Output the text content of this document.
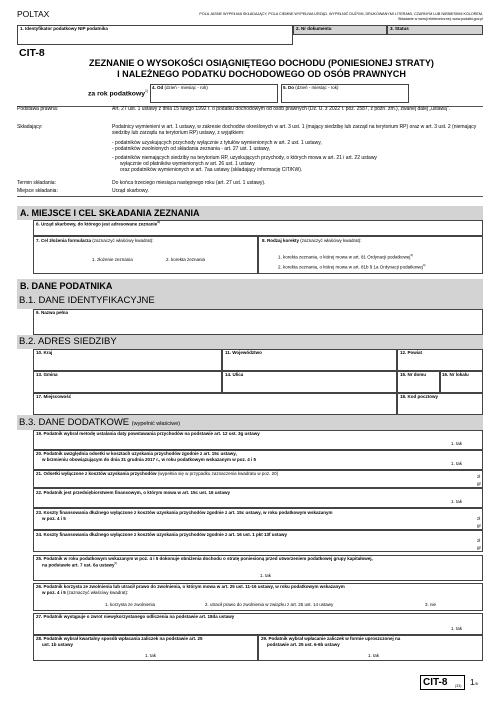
POLTAX	POLA JASNE WYPEŁNIA SKŁADAJĄCY, POLA CIEMNE WYPEŁNIA URZĄD. WYPEŁNIĆ DUŻYMI, DRUKOWANYMI LITERAMI, CZARNYM LUB NIEBIESKIM KOLOREM.
Składanie w wersji elektronicznej: www.podatki.gov.pl
1. Identyfikator podatkowy NIP podatnika	2. Nr dokumentu	3. Status
CIT-8
ZEZNANIE O WYSOKOŚCI OSIĄGNIĘTEGO DOCHODU (PONIESIONEJ STRATY)
I NALEŻNEGO PODATKU DOCHODOWEGO OD OSÓB PRAWNYCH
za rok podatkowy$^{1)}$
4. Od (dzień - miesiąc - rok)	5. Do (dzień - miesiąc - rok)
Podstawa prawna:	Art. 27 ust. 1 ustawy z dnia 15 lutego 1992 r. o podatku dochodowym od osób prawnych (Dz. U. z 2022 r. poz. 2587, z późn. zm.), zwanej dalej „ustawą”.
Składający:	Podatnicy wymienieni w art. 1 ustawy, w zakresie dochodów określonych w art. 3 ust. 1 (mający siedzibę lub zarząd na terytorium RP) oraz w art. 3 ust. 2 (niemający siedziby lub zarządu na terytorium RP) ustawy, z wyjątkiem:
- podatników uzyskujących przychody wyłącznie z tytułów wymienionych w art. 2 ust. 1 ustawy,
- podatników zwolnionych od składania zeznania - art. 27 ust. 1 ustawy,
- podatników niemających siedziby na terytorium RP, uzyskujących przychody, o których mowa w art. 21 i art. 22 ustawy
wyłącznie od płatników wymienionych w art. 26 ust. 1 ustawy
oraz podatników wymienionych w art. 7aa ustawy (składający informację CIT/KW).
Termin składania:	Do końca trzeciego miesiąca następnego roku (art. 27 ust. 1 ustawy).
Miejsce składania:	Urząd skarbowy.
A. MIEJSCE I CEL SKŁADANIA ZEZNANIA
6. Urząd skarbowy, do którego jest adresowane zeznanie$^{2)}$
7. Cel złożenia formularza (zaznaczyć właściwy kwadrat):
1. złożenie zeznania	2. korekta zeznania
8. Rodzaj korekty (zaznaczyć właściwy kwadrat):
1. korekta zeznania, o której mowa w art. 81 Ordynacji podatkowej$^{3)}$
2. korekta zeznania, o której mowa w art. 81b § 1a Ordynacji podatkowej$^{4)}$
B. DANE PODATNIKA
B.1. DANE IDENTYFIKACYJNE
9. Nazwa pełna
B.2. ADRES SIEDZIBY
10. Kraj	11. Województwo	12. Powiat
13. Gmina	14. Ulica	15. Nr domu	16. Nr lokalu
17. Miejscowość	18. Kod pocztowy
B.3. DANE DODATKOWE (wypełnić właściwe)
19. Podatnik wybrał metodę ustalania daty powstawania przychodów na podstawie art. 12 ust. 3g ustawy
1. tak
20. Podatnik uwzględnia odsetki w kosztach uzyskania przychodów zgodnie z art. 15c ustawy,
w brzmieniu obowiązującym do dnia 31 grudnia 2017 r., w roku podatkowym wskazanym w poz. 4 i 5
1. tak
21. Odsetki wyłączone z kosztów uzyskania przychodów (wypełnia się w przypadku zaznaczenia kwadratu w poz. 20)
zł
gr
22. Podatnik jest przedsiębiorstwem finansowym, o którym mowa w art. 15c ust. 16 ustawy
1. tak
23. Koszty finansowania dłużnego wyłączone z kosztów uzyskania przychodów zgodnie z art. 15c ustawy, w roku podatkowym wskazanym
w poz. 4 i 5	zł
gr
24. Koszty finansowania dłużnego wyłączone z kosztów uzyskania przychodów zgodnie z art. 16 ust. 1 pkt 13f ustawy
zł
gr
25. Podatnik w roku podatkowym wskazanym w poz. 4 i 5 dokonuje obniżenia dochodu o stratę poniesioną przed utworzeniem podatkowej grupy kapitałowej,
na podstawie art. 7 ust. 6a ustawy$^{5)}$
1. tak
26. Podatnik korzysta ze zwolnienia lub utracił prawo do zwolnienia, o którym mowa w art. 25 ust. 11-16 ustawy, w roku podatkowym wskazanym
w poz. 4 i 5 (zaznaczyć właściwy kwadrat):
1. korzysta ze zwolnienia	2. utracił prawo do zwolnienia w związku z art. 25 ust. 14 ustawy	3. nie
27. Podatnik wystąpuje o zwrot niewykorzystanego odliczenia na podstawie art. 18da ustawy
1. tak
28. Podatnik wybrał kwartalny sposób wpłacania zaliczek na podstawie art. 25
ust. 1b ustawy
1. tak
29. Podatnik wybrał wpłacanie zaliczek w formie uproszczonej na
podstawie art. 25 ust. 6-6b ustawy
1. tak
CIT-8 (33) 1/8
